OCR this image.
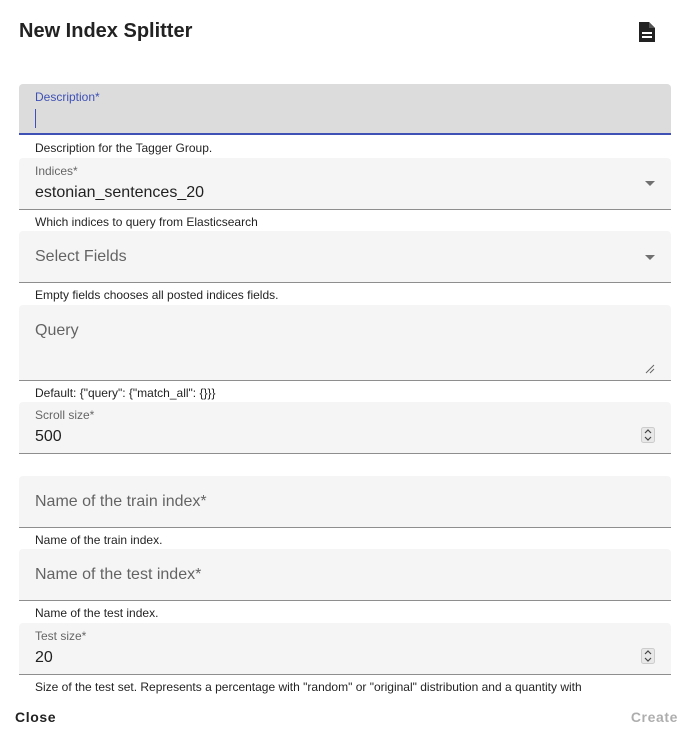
New Index Splitter
Description*
Description for the Tagger Group.
Indices*
estonian_sentences_20
Which indices to query from Elasticsearch
Select Fields
Empty fields chooses all posted indices fields.
Query
Default: {"query": {"match_all": {}}}
Scroll size*
500
Name of the train index*
Name of the train index.
Name of the test index*
Name of the test index.
Test size*
20
Size of the test set. Represents a percentage with "random" or "original" distribution and a quantity with
Close	Create
